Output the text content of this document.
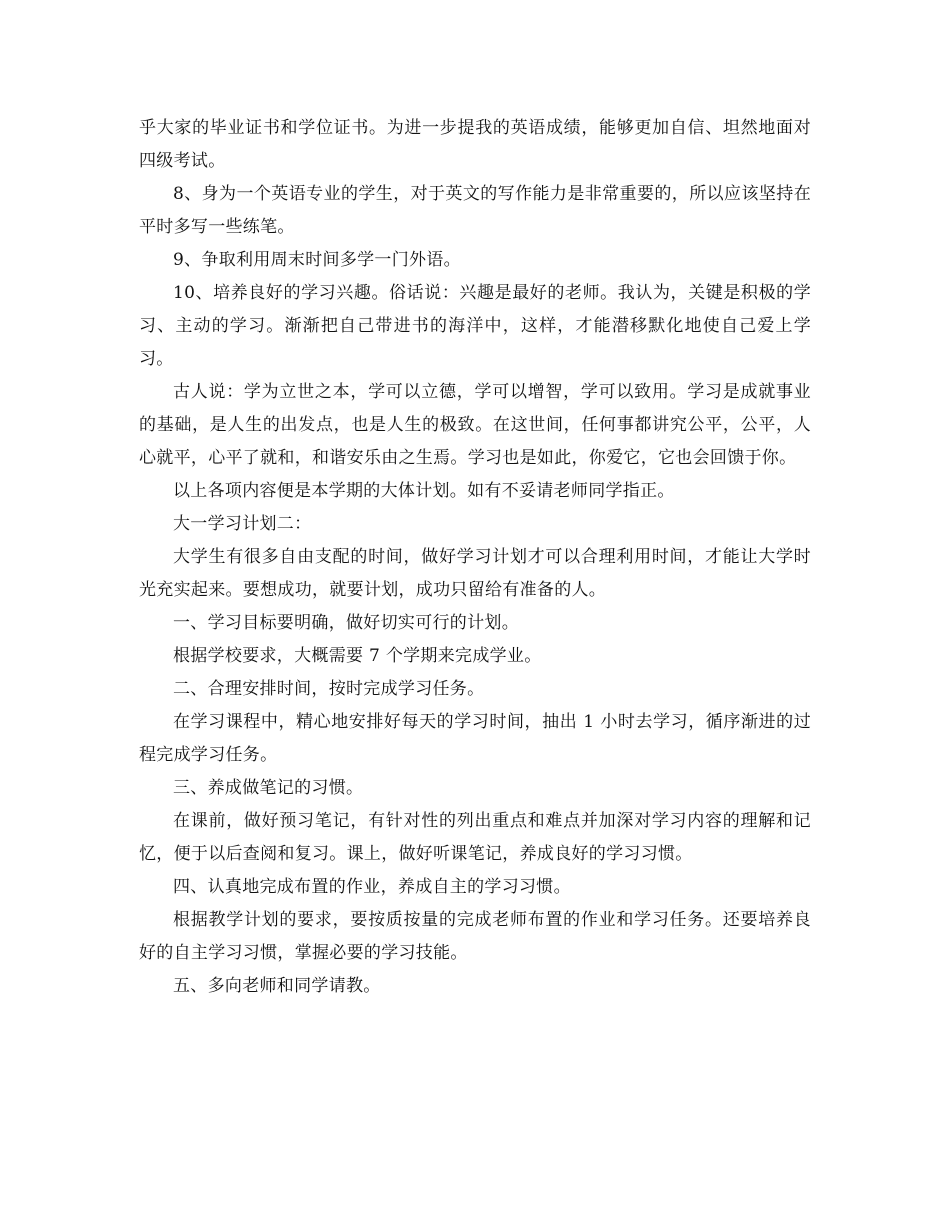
乎大家的毕业证书和学位证书。为进一步提我的英语成绩，能够更加自信、坦然地面对四级考试。

8、身为一个英语专业的学生，对于英文的写作能力是非常重要的，所以应该坚持在平时多写一些练笔。

9、争取利用周末时间多学一门外语。

10、培养良好的学习兴趣。俗话说：兴趣是最好的老师。我认为，关键是积极的学习、主动的学习。渐渐把自己带进书的海洋中，这样，才能潜移默化地使自己爱上学习。

古人说：学为立世之本，学可以立德，学可以增智，学可以致用。学习是成就事业的基础，是人生的出发点，也是人生的极致。在这世间，任何事都讲究公平，公平，人心就平，心平了就和，和谐安乐由之生焉。学习也是如此，你爱它，它也会回馈于你。

以上各项内容便是本学期的大体计划。如有不妥请老师同学指正。

大一学习计划二：

大学生有很多自由支配的时间，做好学习计划才可以合理利用时间，才能让大学时光充实起来。要想成功，就要计划，成功只留给有准备的人。

一、学习目标要明确，做好切实可行的计划。

根据学校要求，大概需要 7 个学期来完成学业。

二、合理安排时间，按时完成学习任务。

在学习课程中，精心地安排好每天的学习时间，抽出 1 小时去学习，循序渐进的过程完成学习任务。

三、养成做笔记的习惯。

在课前，做好预习笔记，有针对性的列出重点和难点并加深对学习内容的理解和记忆，便于以后查阅和复习。课上，做好听课笔记，养成良好的学习习惯。

四、认真地完成布置的作业，养成自主的学习习惯。

根据教学计划的要求，要按质按量的完成老师布置的作业和学习任务。还要培养良好的自主学习习惯，掌握必要的学习技能。

五、多向老师和同学请教。
